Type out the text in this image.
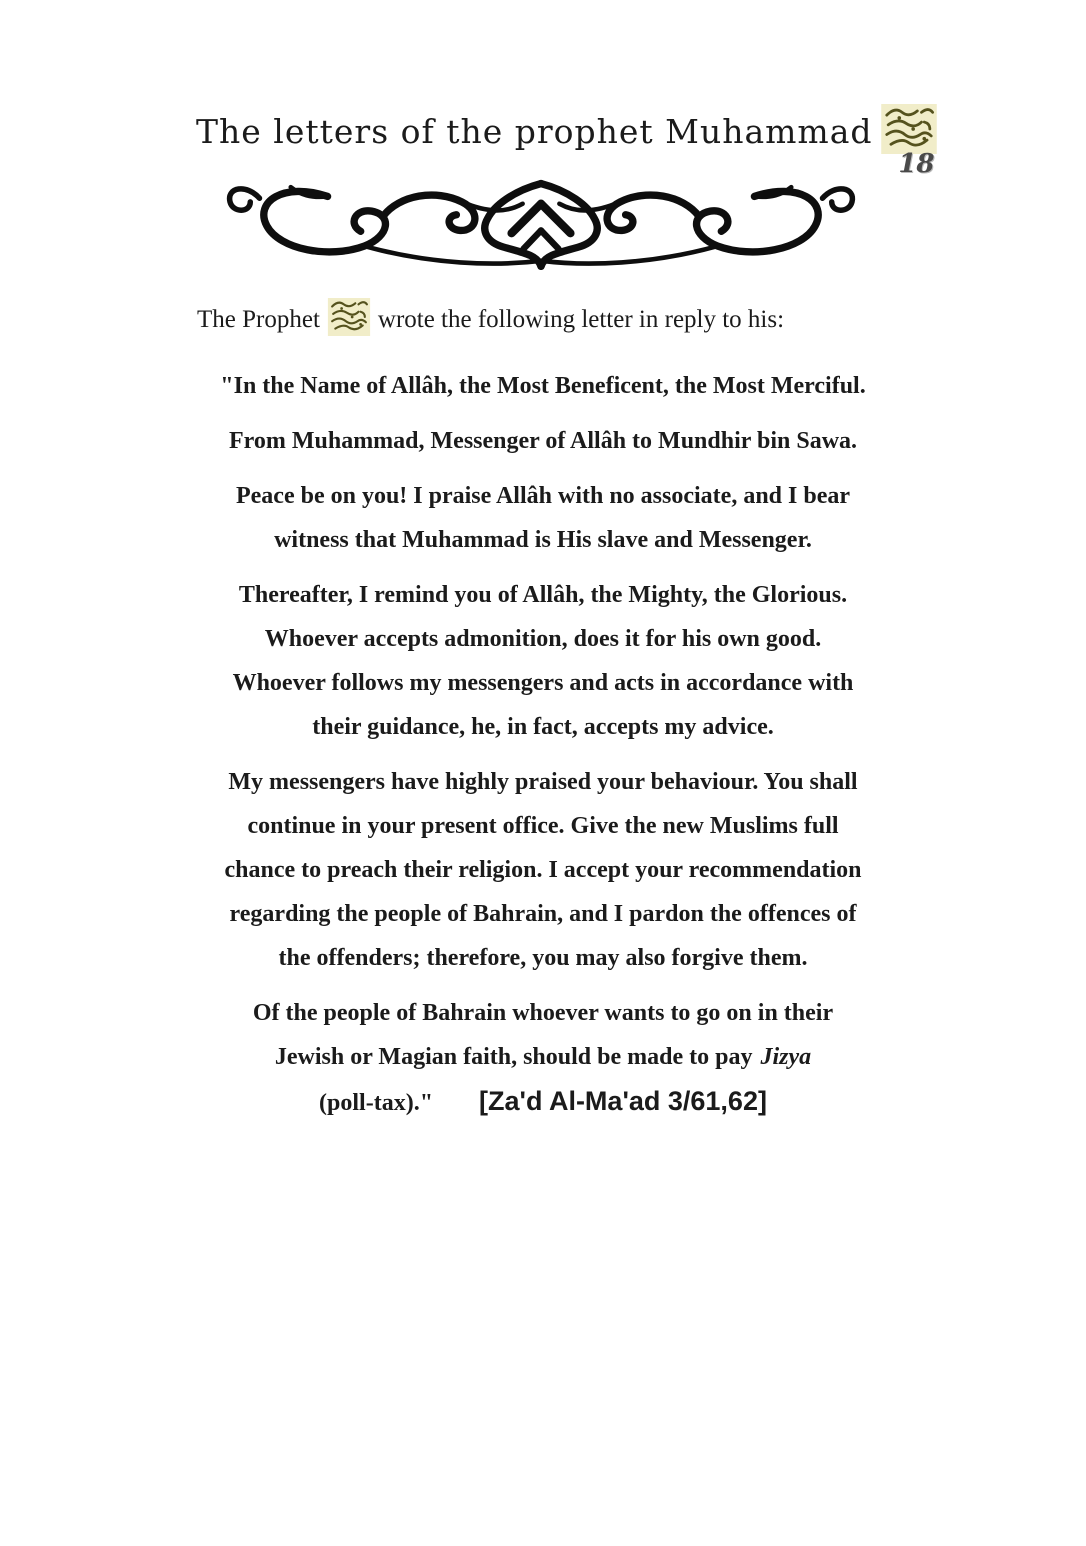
The letters of the prophet Muhammad
18
The Prophet wrote the following letter in reply to his:
"In the Name of Allâh, the Most Beneficent, the Most Merciful.
From Muhammad, Messenger of Allâh to Mundhir bin Sawa.
Peace be on you! I praise Allâh with no associate, and I bear
witness that Muhammad is His slave and Messenger.
Thereafter, I remind you of Allâh, the Mighty, the Glorious.
Whoever accepts admonition, does it for his own good.
Whoever follows my messengers and acts in accordance with
their guidance, he, in fact, accepts my advice.
My messengers have highly praised your behaviour. You shall
continue in your present office. Give the new Muslims full
chance to preach their religion. I accept your recommendation
regarding the people of Bahrain, and I pardon the offences of
the offenders; therefore, you may also forgive them.
Of the people of Bahrain whoever wants to go on in their
Jewish or Magian faith, should be made to pay Jizya
(poll-tax)." [Za'd Al-Ma'ad 3/61,62]
